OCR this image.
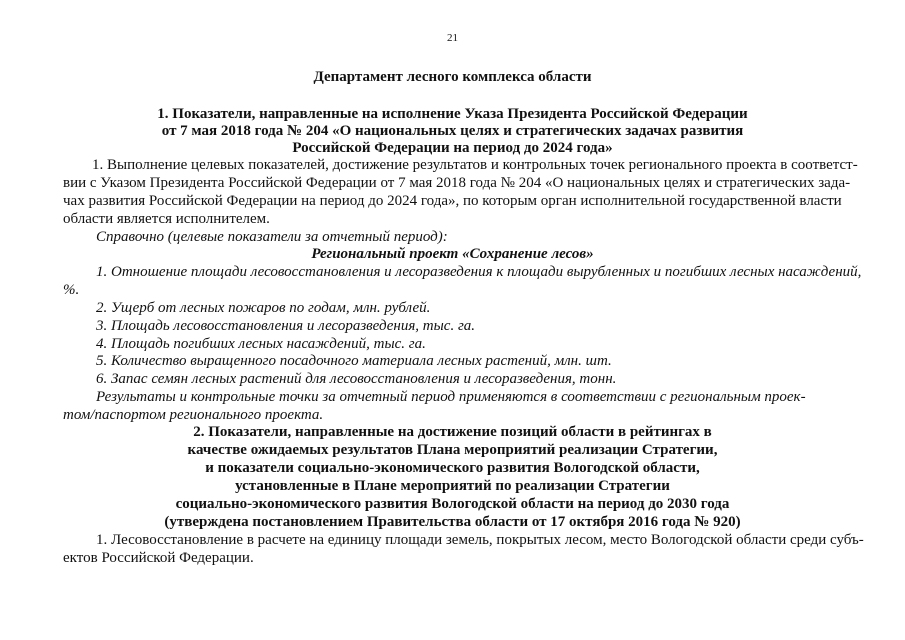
21
Департамент лесного комплекса области
1. Показатели, направленные на исполнение Указа Президента Российской Федерации
от 7 мая 2018 года № 204 «О национальных целях и стратегических задачах развития
Российской Федерации на период до 2024 года»
1. Выполнение целевых показателей, достижение результатов и контрольных точек регионального проекта в соответст-
вии с Указом Президента Российской Федерации от 7 мая 2018 года № 204 «О национальных целях и стратегических зада-
чах развития Российской Федерации на период до 2024 года», по которым орган исполнительной государственной власти
области является исполнителем.
Справочно (целевые показатели за отчетный период):
Региональный проект «Сохранение лесов»
1. Отношение площади лесовосстановления и лесоразведения к площади вырубленных и погибших лесных насаждений,
%.
2. Ущерб от лесных пожаров по годам, млн. рублей.
3. Площадь лесовосстановления и лесоразведения, тыс. га.
4. Площадь погибших лесных насаждений, тыс. га.
5. Количество выращенного посадочного материала лесных растений, млн. шт.
6. Запас семян лесных растений для лесовосстановления и лесоразведения, тонн.
Результаты и контрольные точки за отчетный период применяются в соответствии с региональным проек-
том/паспортом регионального проекта.
2. Показатели, направленные на достижение позиций области в рейтингах в
качестве ожидаемых результатов Плана мероприятий реализации Стратегии,
и показатели социально-экономического развития Вологодской области,
установленные в Плане мероприятий по реализации Стратегии
социально-экономического развития Вологодской области на период до 2030 года
(утверждена постановлением Правительства области от 17 октября 2016 года № 920)
1. Лесовосстановление в расчете на единицу площади земель, покрытых лесом, место Вологодской области среди субъ-
ектов Российской Федерации.
